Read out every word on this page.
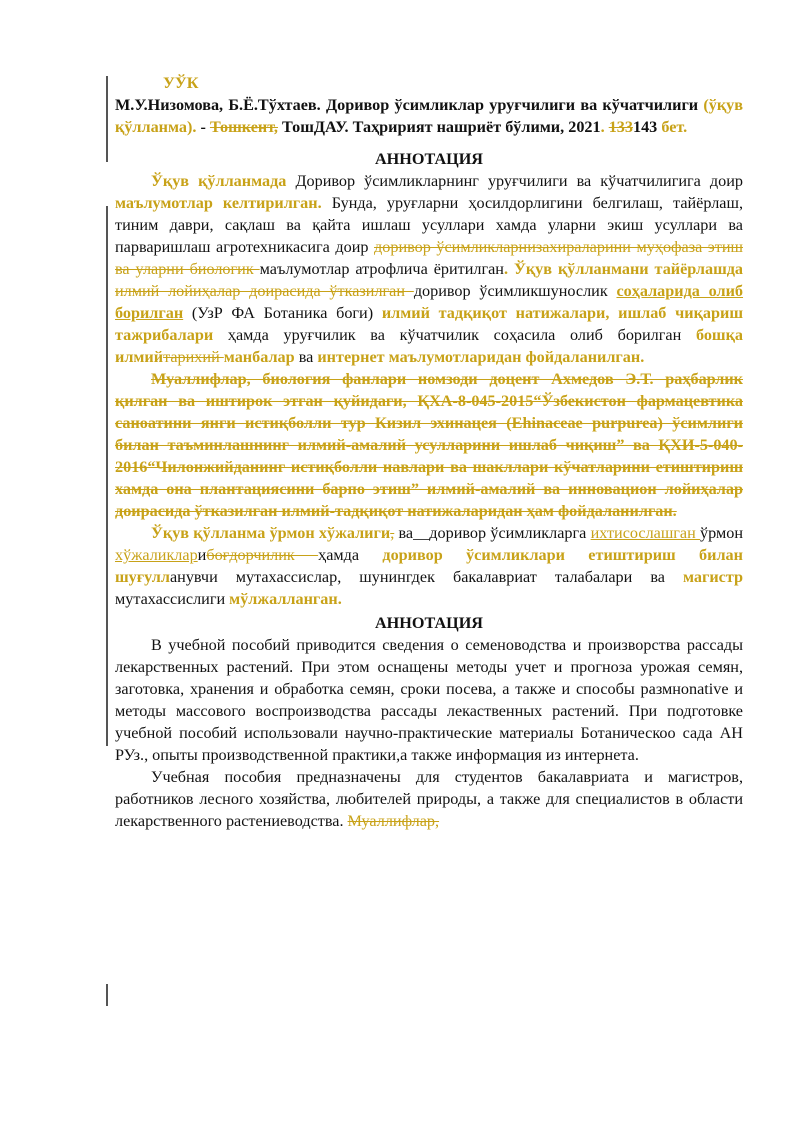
УЎК

М.У.Низомова, Б.Ё.Тўхтаев. Доривор ўсимликлар уруғчилиги ва кўчатчилиги (ўқув қўлланма). - Тошкент, ТошДАУ. Таҳририят нашриёт бўлими, 2021. 133143 бет.

АННОТАЦИЯ

Ўқув қўлланмада Доривор ўсимликларнинг уруғчилиги ва кўчатчилигига доир маълумотлар келтирилган. Бунда, уруғларни ҳосилдорлигини белгилаш, тайёрлаш, тиним даври, сақлаш ва қайта ишлаш усуллари хамда уларни экиш усуллари ва парваришлаш агротехникасига доир доривор ўсимликларнизахираларини муҳофаза этиш ва уларни биологик маълумотлар атрофлича ёритилган. Ўқув қўлланмани тайёрлашда илмий лойиҳалар доирасида ўтказилган доривор ўсимликшунослик соҳаларида олиб борилган (УзР ФА Ботаника боги) илмий тадқиқот натижалари, ишлаб чиқариш тажрибалари ҳамда уруғчилик ва кўчатчилик соҳасила олиб борилган бошқа илмийтарихий манбалар ва интернет маълумотларидан фойдаланилган.

Муаллифлар, биология фанлари номзоди доцент Ахмедов Э.Т. раҳбарлик қилган ва иштирок этган қуйидаги, ҚХА-8-045-2015“Ўзбекистон фармацевтика саноатини янги истиқболли тур Кизил эхинацея (Ehinaceae purpurea) ўсимлиги билан таъминлашнинг илмий-амалий усулларини ишлаб чиқиш” ва ҚХИ-5-040-2016“Чилонжийданинг истиқболли навлари ва шакллари кўчатларини етиштириш хамда она плантациясини барпо этиш” илмий-амалий ва инновацион лойиҳалар доирасида ўтказилган илмий-тадқиқот натижаларидан ҳам фойдаланилган.

Ўқув қўлланма ўрмон хўжалиги, ва__доривор ўсимликларга ихтисослашган ўрмон хўжаликларибоғдорчилик ҳамда доривор ўсимликлари етиштириш билан шуғулланувчи мутахассислар, шунингдек бакалавриат талабалари ва магистр мутахассислиги мўлжалланган.

АННОТАЦИЯ

В учебной пособий приводится сведения о семеноводства и произворства рассады лекарственных растений. При этом оснащены методы учет и прогноза урожая семян, заготовка, хранения и обработка семян, сроки посева, а также и способы размноnative и методы массового воспроизводства рассады лекаственных растений. При подготовке учебной пособий использовали научно-практические материалы Ботаническоо сада АН РУз., опыты производственной практики,а также информация из интернета.

Учебная пособия предназначены для студентов бакалавриата и магистров, работников лесного хозяйства, любителей природы, а также для специалистов в области лекарственного растениеводства. Муаллифлар,
